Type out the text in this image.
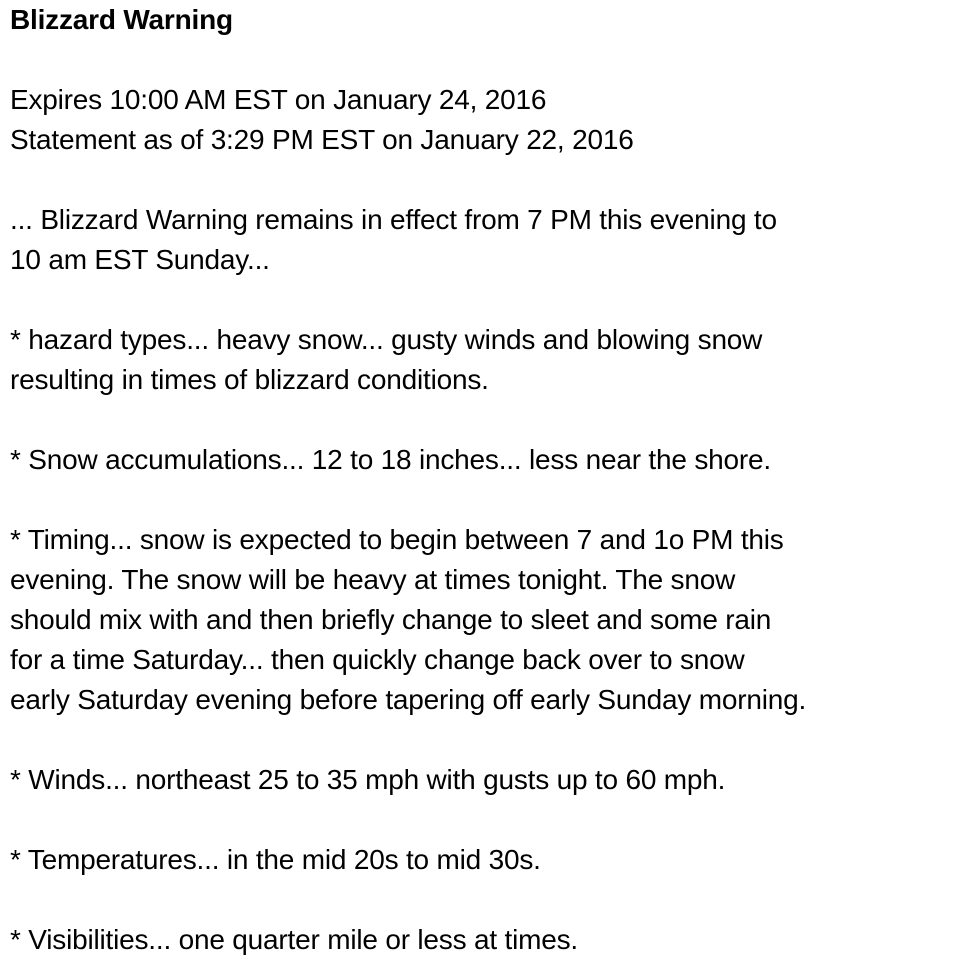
Blizzard Warning
Expires 10:00 AM EST on January 24, 2016
Statement as of 3:29 PM EST on January 22, 2016
... Blizzard Warning remains in effect from 7 PM this evening to
10 am EST Sunday...
* hazard types... heavy snow... gusty winds and blowing snow
resulting in times of blizzard conditions.
* Snow accumulations... 12 to 18 inches... less near the shore.
* Timing... snow is expected to begin between 7 and 1o PM this
evening. The snow will be heavy at times tonight. The snow
should mix with and then briefly change to sleet and some rain
for a time Saturday... then quickly change back over to snow
early Saturday evening before tapering off early Sunday morning.
* Winds... northeast 25 to 35 mph with gusts up to 60 mph.
* Temperatures... in the mid 20s to mid 30s.
* Visibilities... one quarter mile or less at times.
